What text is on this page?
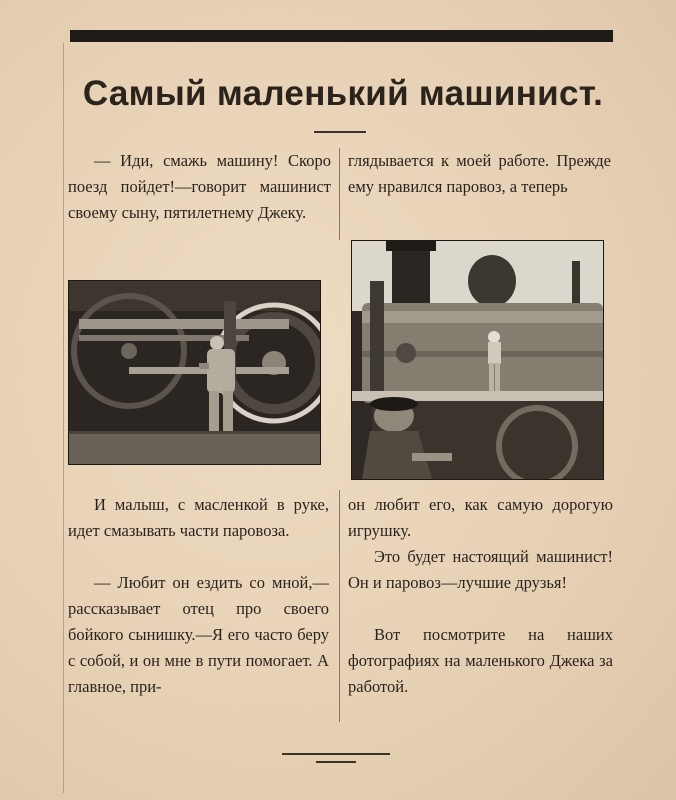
Самый маленький машинист.

— Иди, смажь машину! Скоро поезд пойдет!—говорит машинист своему сыну, пятилетнему Джеку.

глядывается к моей работе. Прежде ему нравился паровоз, а теперь

И малыш, с масленкой в руке, идет смазывать части паровоза.

— Любит он ездить со мной,—рассказывает отец про своего бойкого сынишку.—Я его часто беру с собой, и он мне в пути помогает. А главное, при-

он любит его, как самую дорогую игрушку.

Это будет настоящий машинист! Он и паровоз—лучшие друзья!

Вот посмотрите на наших фотографиях на маленького Джека за работой.
